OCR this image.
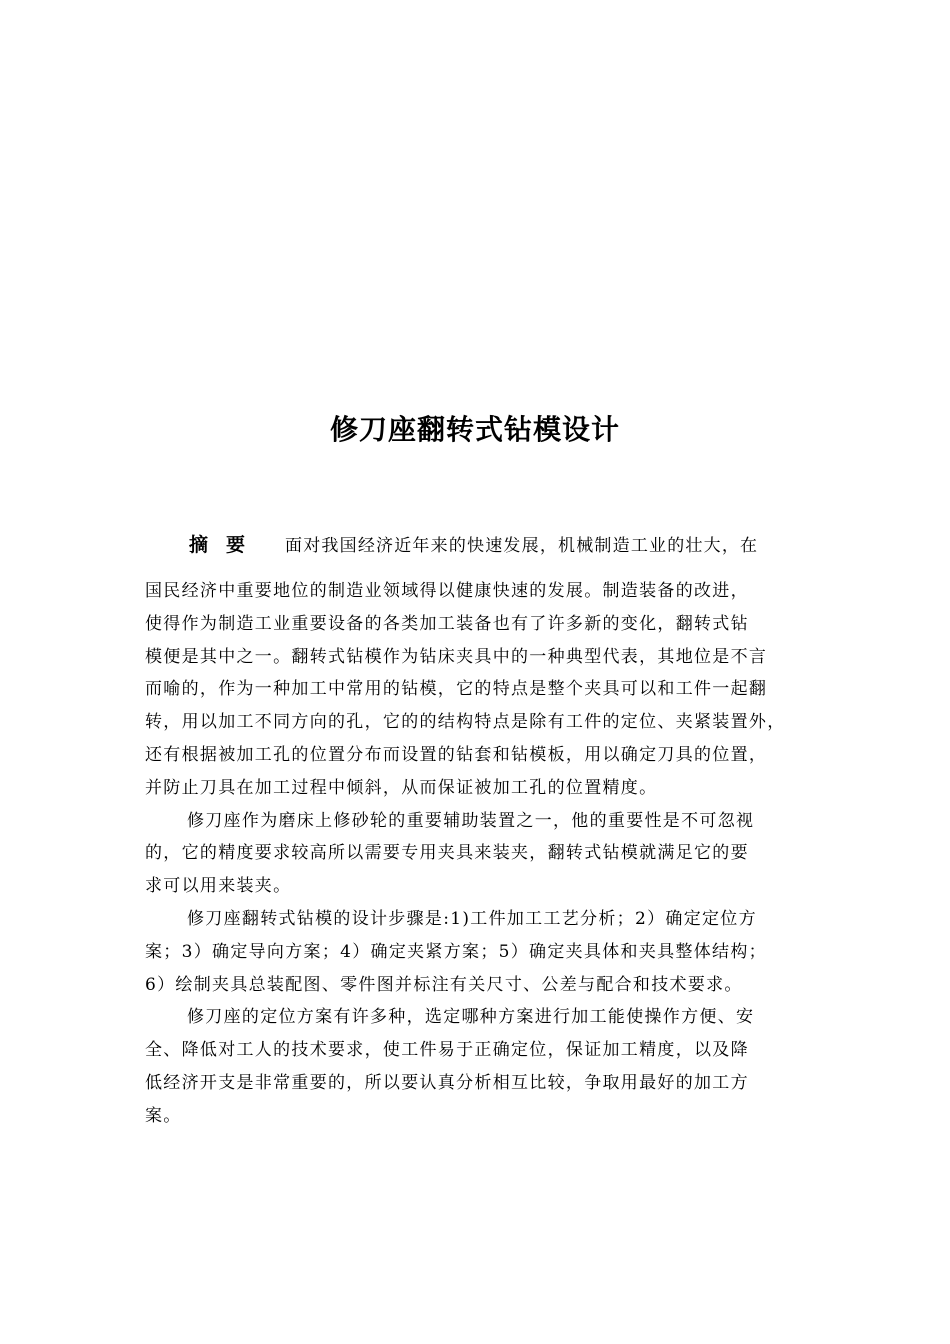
修刀座翻转式钻模设计
摘要 面对我国经济近年来的快速发展，机械制造工业的壮大，在
国民经济中重要地位的制造业领域得以健康快速的发展。制造装备的改进，
使得作为制造工业重要设备的各类加工装备也有了许多新的变化，翻转式钻
模便是其中之一。翻转式钻模作为钻床夹具中的一种典型代表，其地位是不言
而喻的，作为一种加工中常用的钻模，它的特点是整个夹具可以和工件一起翻
转，用以加工不同方向的孔，它的的结构特点是除有工件的定位、夹紧装置外，
还有根据被加工孔的位置分布而设置的钻套和钻模板，用以确定刀具的位置，
并防止刀具在加工过程中倾斜，从而保证被加工孔的位置精度。
修刀座作为磨床上修砂轮的重要辅助装置之一，他的重要性是不可忽视
的，它的精度要求较高所以需要专用夹具来装夹，翻转式钻模就满足它的要
求可以用来装夹。
修刀座翻转式钻模的设计步骤是:1)工件加工工艺分析；2）确定定位方
案；3）确定导向方案；4）确定夹紧方案；5）确定夹具体和夹具整体结构；
6）绘制夹具总装配图、零件图并标注有关尺寸、公差与配合和技术要求。
修刀座的定位方案有许多种，选定哪种方案进行加工能使操作方便、安
全、降低对工人的技术要求，使工件易于正确定位，保证加工精度，以及降
低经济开支是非常重要的，所以要认真分析相互比较，争取用最好的加工方
案。
